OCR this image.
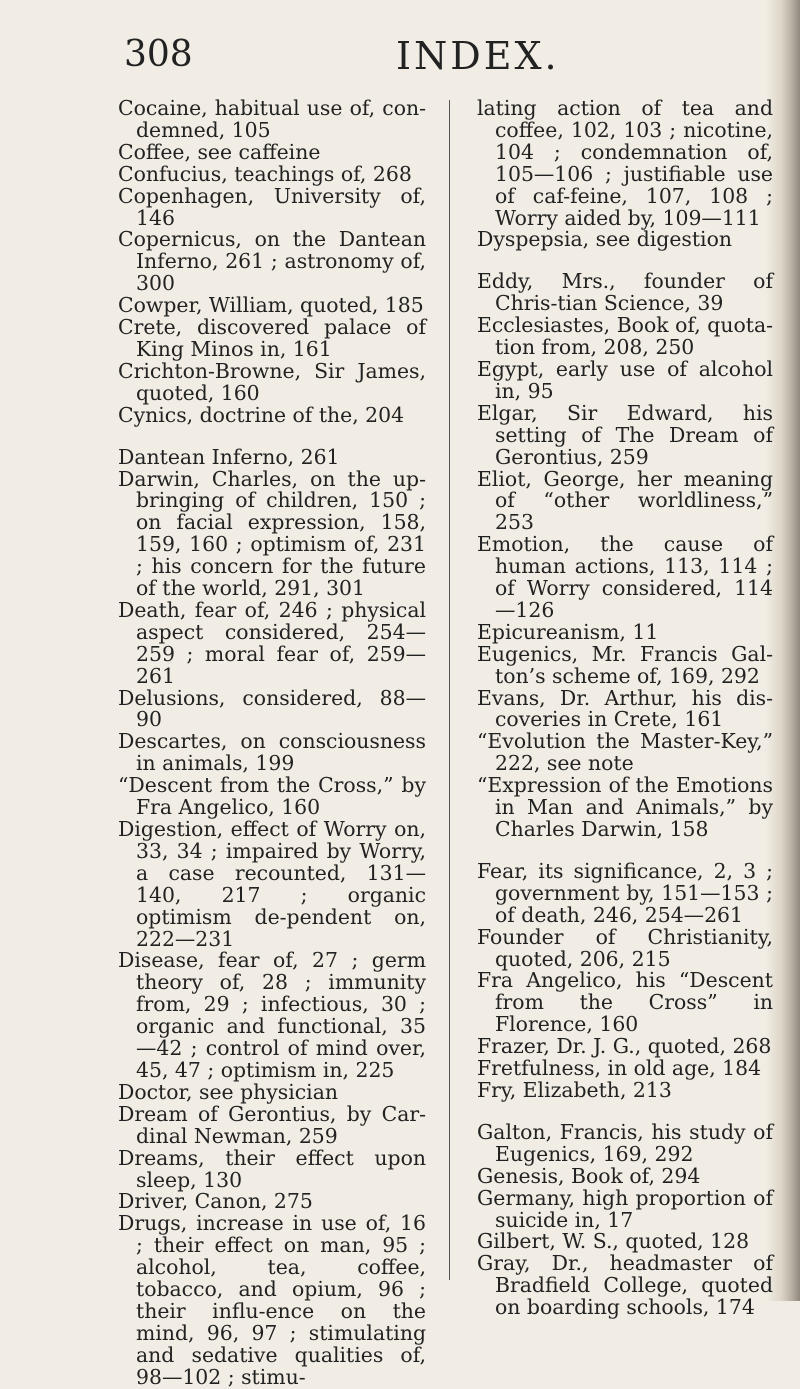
308	INDEX.
Cocaine, habitual use of, con-demned, 105
Coffee, see caffeine
Confucius, teachings of, 268
Copenhagen, University of, 146
Copernicus, on the Dantean Inferno, 261 ; astronomy of, 300
Cowper, William, quoted, 185
Crete, discovered palace of King Minos in, 161
Crichton-Browne, Sir James, quoted, 160
Cynics, doctrine of the, 204
Dantean Inferno, 261
Darwin, Charles, on the up-bringing of children, 150 ; on facial expression, 158, 159, 160 ; optimism of, 231 ; his concern for the future of the world, 291, 301
Death, fear of, 246 ; physical aspect considered, 254—259 ; moral fear of, 259—261
Delusions, considered, 88—90
Descartes, on consciousness in animals, 199
“Descent from the Cross,” by Fra Angelico, 160
Digestion, effect of Worry on, 33, 34 ; impaired by Worry, a case recounted, 131—140, 217 ; organic optimism de-pendent on, 222—231
Disease, fear of, 27 ; germ theory of, 28 ; immunity from, 29 ; infectious, 30 ; organic and functional, 35—42 ; control of mind over, 45, 47 ; optimism in, 225
Doctor, see physician
Dream of Gerontius, by Car-dinal Newman, 259
Dreams, their effect upon sleep, 130
Driver, Canon, 275
Drugs, increase in use of, 16 ; their effect on man, 95 ; alcohol, tea, coffee, tobacco, and opium, 96 ; their influ-ence on the mind, 96, 97 ; stimulating and sedative qualities of, 98—102 ; stimu-
lating action of tea and coffee, 102, 103 ; nicotine, 104 ; condemnation of, 105—106 ; justifiable use of caf-feine, 107, 108 ; Worry aided by, 109—111
Dyspepsia, see digestion
Eddy, Mrs., founder of Chris-tian Science, 39
Ecclesiastes, Book of, quota-tion from, 208, 250
Egypt, early use of alcohol in, 95
Elgar, Sir Edward, his setting of The Dream of Gerontius, 259
Eliot, George, her meaning of “other worldliness,” 253
Emotion, the cause of human actions, 113, 114 ; of Worry considered, 114—126
Epicureanism, 11
Eugenics, Mr. Francis Gal-ton’s scheme of, 169, 292
Evans, Dr. Arthur, his dis-coveries in Crete, 161
“Evolution the Master-Key,” 222, see note
“Expression of the Emotions in Man and Animals,” by Charles Darwin, 158
Fear, its significance, 2, 3 ; government by, 151—153 ; of death, 246, 254—261
Founder of Christianity, quoted, 206, 215
Fra Angelico, his “Descent from the Cross” in Florence, 160
Frazer, Dr. J. G., quoted, 268
Fretfulness, in old age, 184
Fry, Elizabeth, 213
Galton, Francis, his study of Eugenics, 169, 292
Genesis, Book of, 294
Germany, high proportion of suicide in, 17
Gilbert, W. S., quoted, 128
Gray, Dr., headmaster of Bradfield College, quoted on boarding schools, 174
